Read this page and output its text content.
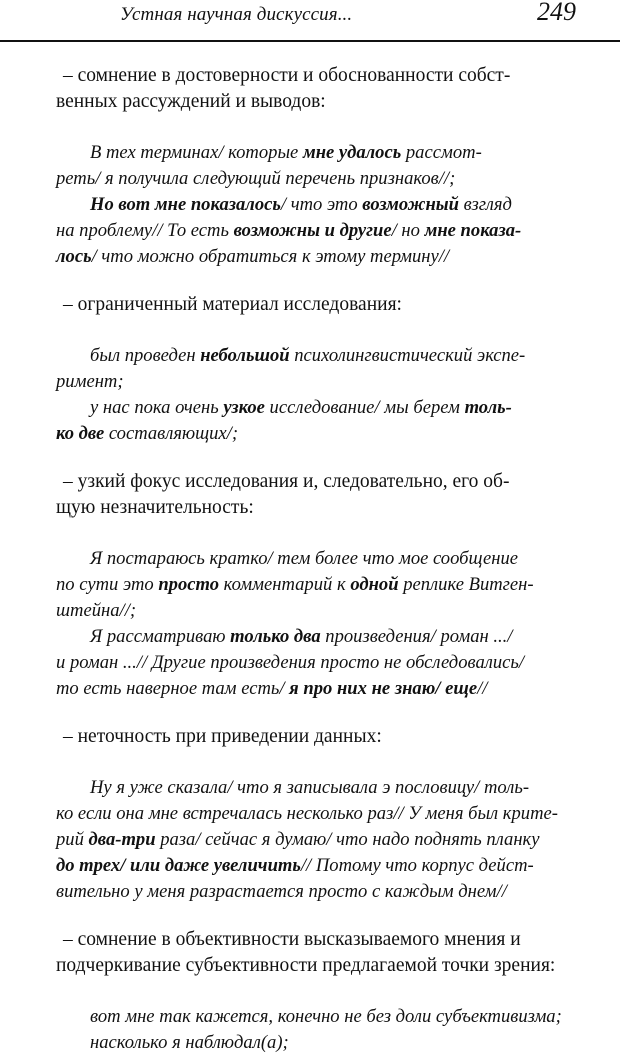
Устная научная дискуссия...	249

– сомнение в достоверности и обоснованности собст-
венных рассуждений и выводов:

В тех терминах/ которые мне удалось рассмот-
реть/ я получила следующий перечень признаков//;
Но вот мне показалось/ что это возможный взгляд
на проблему// То есть возможны и другие/ но мне показа-
лось/ что можно обратиться к этому термину//

– ограниченный материал исследования:

был проведен небольшой психолингвистический экспе-
римент;
у нас пока очень узкое исследование/ мы берем толь-
ко две составляющих/;

– узкий фокус исследования и, следовательно, его об-
щую незначительность:

Я постараюсь кратко/ тем более что мое сообщение
по сути это просто комментарий к одной реплике Витген-
штейна//;
Я рассматриваю только два произведения/ роман .../
и роман ...// Другие произведения просто не обследовались/
то есть наверное там есть/ я про них не знаю/ еще//

– неточность при приведении данных:

Ну я уже сказала/ что я записывала э пословицу/ толь-
ко если она мне встречалась несколько раз// У меня был крите-
рий два-три раза/ сейчас я думаю/ что надо поднять планку
до трех/ или даже увеличить// Потому что корпус дейст-
вительно у меня разрастается просто с каждым днем//

– сомнение в объективности высказываемого мнения и
подчеркивание субъективности предлагаемой точки зрения:

вот мне так кажется, конечно не без доли субъективизма;
насколько я наблюдал(а);
